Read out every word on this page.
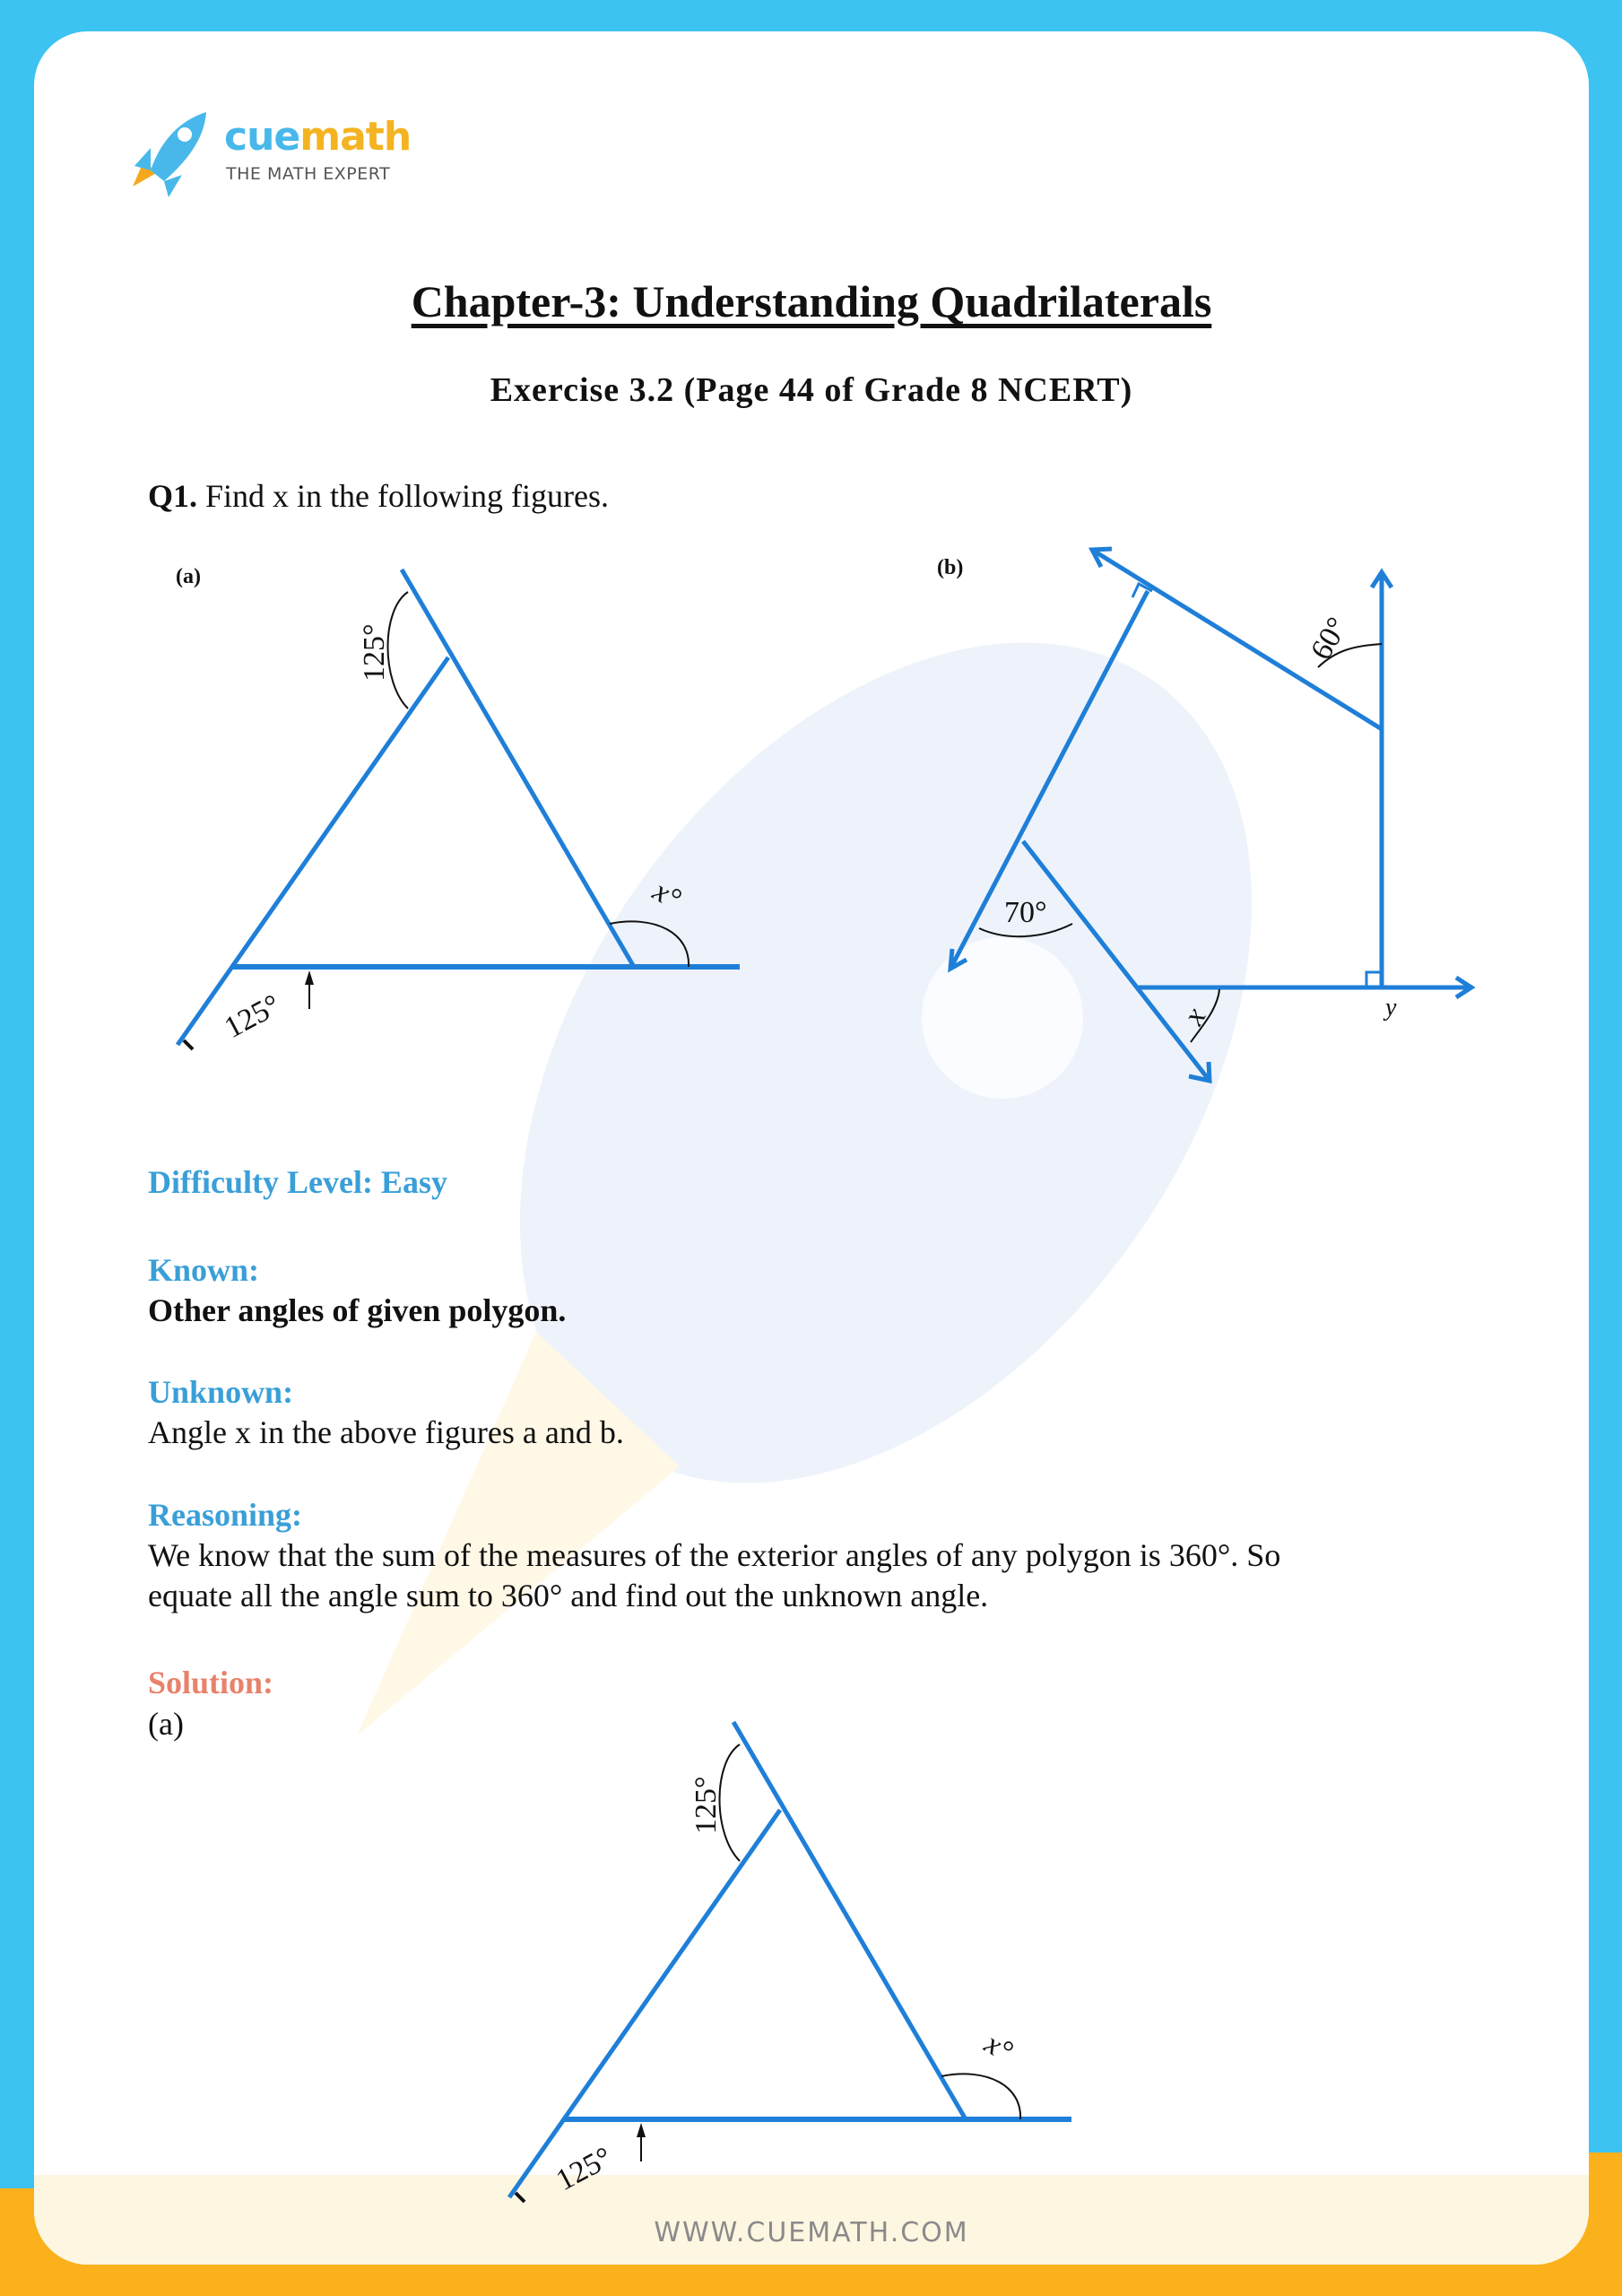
cuemath
THE MATH EXPERT
Chapter-3: Understanding Quadrilaterals
Exercise 3.2 (Page 44 of Grade 8 NCERT)
Q1. Find x in the following figures.
Difficulty Level: Easy
Known:
Other angles of given polygon.
Unknown:
Angle x in the above figures a and b.
Reasoning:
We know that the sum of the measures of the exterior angles of any polygon is 360°. So
equate all the angle sum to 360° and find out the unknown angle.
Solution:
(a)
WWW.CUEMATH.COM
(a)
125°
125°
x°
(b)
70°
60°
x	y
125°
125°
x°
